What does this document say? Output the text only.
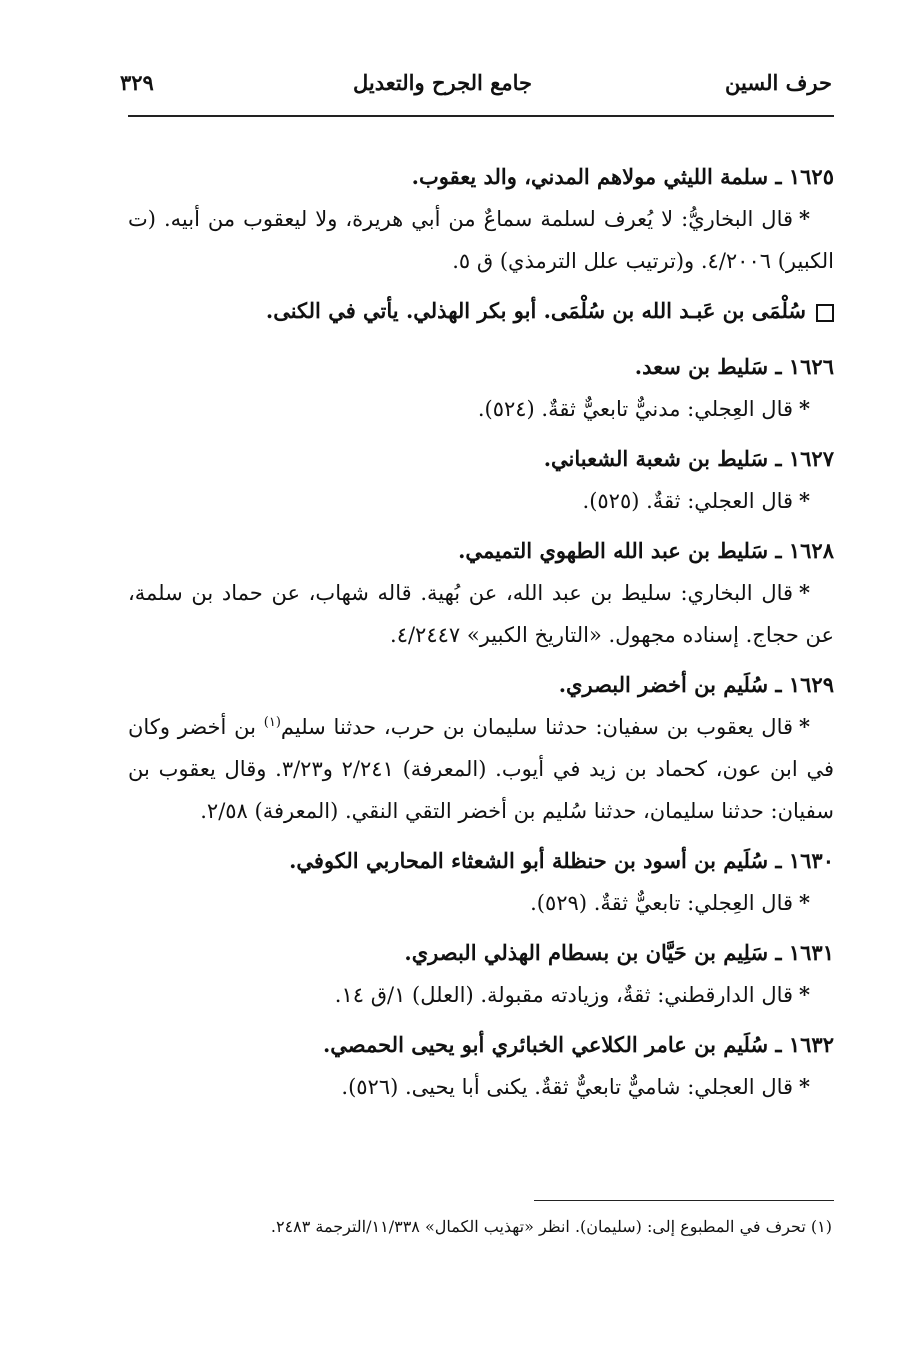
حرف السين
جامع الجرح والتعديل
٣٢٩
١٦٢٥ ـ سلمة الليثي مولاهم المدني، والد يعقوب.
*قال البخاريُّ: لا يُعرف لسلمة سماعٌ من أبي هريرة، ولا ليعقوب من أبيه. (ت الكبير) ٤/٢٠٠٦. و(ترتيب علل الترمذي) ق ٥.
سُلْمَى بن عَبـد الله بن سُلْمَى. أبو بكر الهذلي. يأتي في الكنى.
١٦٢٦ ـ سَليط بن سعد.
*قال العِجلي: مدنيٌّ تابعيٌّ ثقةٌ. (٥٢٤).
١٦٢٧ ـ سَليط بن شعبة الشعباني.
*قال العجلي: ثقةٌ. (٥٢٥).
١٦٢٨ ـ سَليط بن عبد الله الطهوي التميمي.
*قال البخاري: سليط بن عبد الله، عن بُهية. قاله شهاب، عن حماد بن سلمة، عن حجاج. إسناده مجهول. «التاريخ الكبير» ٤/٢٤٤٧.
١٦٢٩ ـ سُلَيم بن أخضر البصري.
*قال يعقوب بن سفيان: حدثنا سليمان بن حرب، حدثنا سليم$^{(١)}$ بن أخضر وكان في ابن عون، كحماد بن زيد في أيوب. (المعرفة) ٢/٢٤١ و٣/٢٣. وقال يعقوب بن سفيان: حدثنا سليمان، حدثنا سُليم بن أخضر التقي النقي. (المعرفة) ٢/٥٨.
١٦٣٠ ـ سُلَيم بن أسود بن حنظلة أبو الشعثاء المحاربي الكوفي.
*قال العِجلي: تابعيٌّ ثقةٌ. (٥٢٩).
١٦٣١ ـ سَلِيم بن حَيَّان بن بسطام الهذلي البصري.
*قال الدارقطني: ثقةٌ، وزيادته مقبولة. (العلل) ١/ق ١٤.
١٦٣٢ ـ سُلَيم بن عامر الكلاعي الخبائري أبو يحيى الحمصي.
*قال العجلي: شاميٌّ تابعيٌّ ثقةٌ. يكنى أبا يحيى. (٥٢٦).
(١) تحرف في المطبوع إلى: (سليمان). انظر «تهذيب الكمال» ١١/٣٣٨/الترجمة ٢٤٨٣.
